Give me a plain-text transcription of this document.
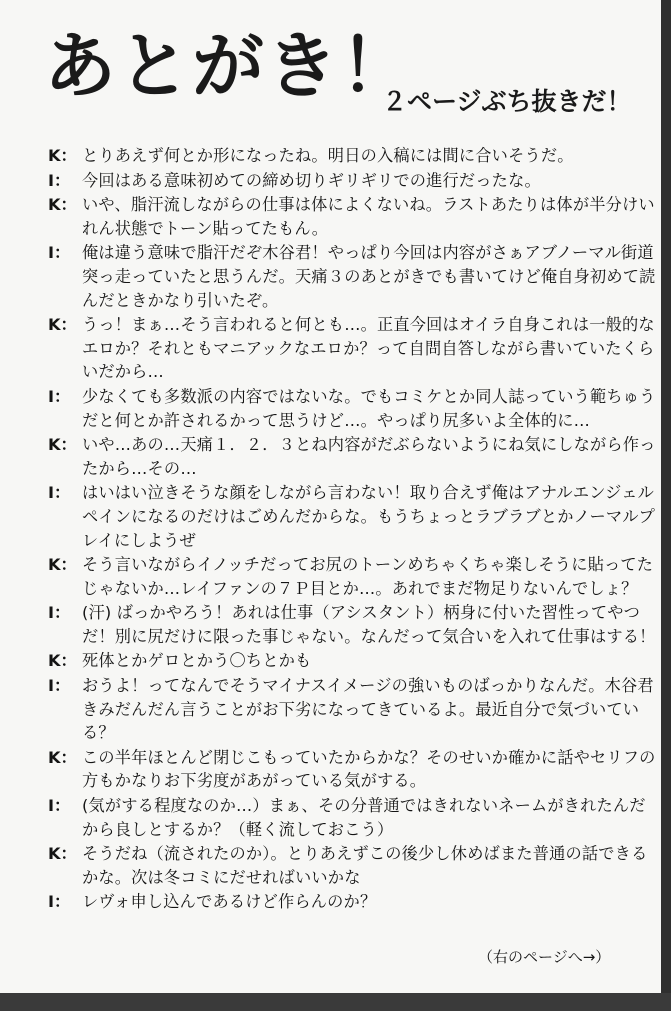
あとがき！
２ページぶち抜きだ！
K： とりあえず何とか形になったね。明日の入稿には間に合いそうだ。
I： 今回はある意味初めての締め切りギリギリでの進行だったな。
K： いや、脂汗流しながらの仕事は体によくないね。ラストあたりは体が半分けいれん状態でトーン貼ってたもん。
I： 俺は違う意味で脂汗だぞ木谷君！やっぱり今回は内容がさぁアブノーマル街道突っ走っていたと思うんだ。天痛３のあとがきでも書いてけど俺自身初めて読んだときかなり引いたぞ。
K： うっ！まぁ…そう言われると何とも…。正直今回はオイラ自身これは一般的なエロか？それともマニアックなエロか？って自問自答しながら書いていたくらいだから…
I： 少なくても多数派の内容ではないな。でもコミケとか同人誌っていう範ちゅうだと何とか許されるかって思うけど…。やっぱり尻多いよ全体的に…
K： いや…あの…天痛１．２．３とね内容がだぶらないようにね気にしながら作ったから…その…
I： はいはい泣きそうな顔をしながら言わない！取り合えず俺はアナルエンジェルペインになるのだけはごめんだからな。もうちょっとラブラブとかノーマルプレイにしようぜ
K： そう言いながらイノッチだってお尻のトーンめちゃくちゃ楽しそうに貼ってたじゃないか…レイファンの７Ｐ目とか…。あれでまだ物足りないんでしょ？
I： (汗) ばっかやろう！あれは仕事（アシスタント）柄身に付いた習性ってやつだ！別に尻だけに限った事じゃない。なんだって気合いを入れて仕事はする！
K： 死体とかゲロとかう〇ちとかも
I： おうよ！ってなんでそうマイナスイメージの強いものばっかりなんだ。木谷君きみだんだん言うことがお下劣になってきているよ。最近自分で気づいている？
K： この半年ほとんど閉じこもっていたからかな？そのせいか確かに話やセリフの方もかなりお下劣度があがっている気がする。
I： (気がする程度なのか…）まぁ、その分普通ではきれないネームがきれたんだから良しとするか？（軽く流しておこう）
K： そうだね（流されたのか）。とりあえずこの後少し休めばまた普通の話できるかな。次は冬コミにだせればいいかな
I： レヴォ申し込んであるけど作らんのか？
（右のページへ→）
